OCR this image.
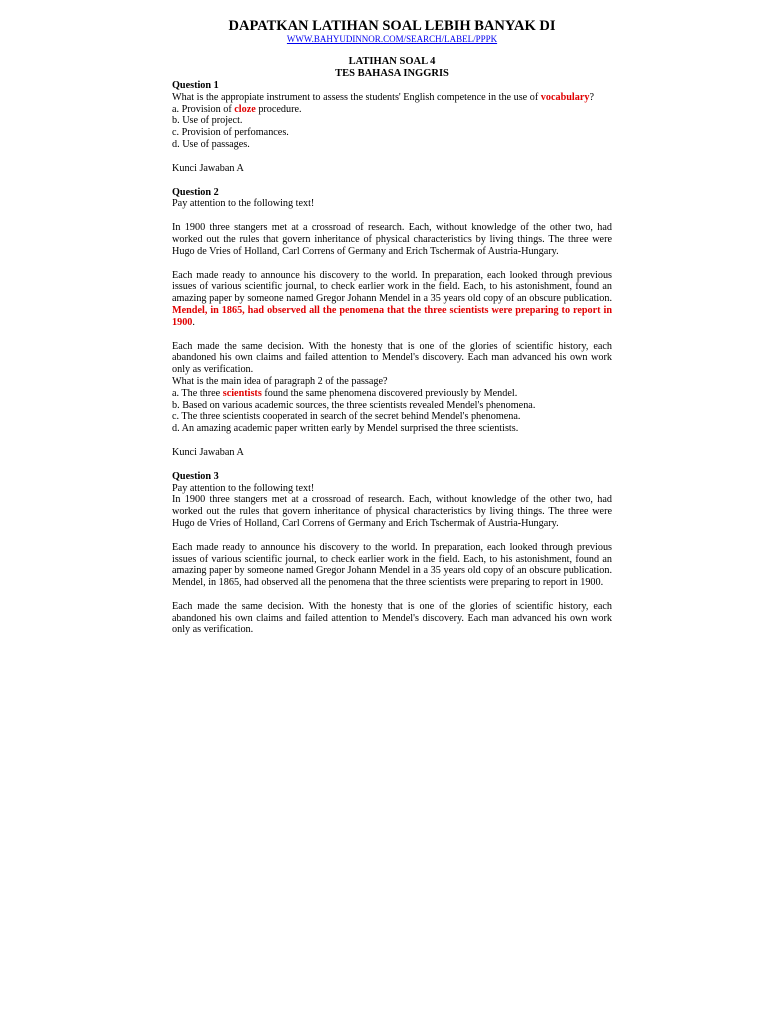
DAPATKAN LATIHAN SOAL LEBIH BANYAK DI
WWW.BAHYUDINNOR.COM/SEARCH/LABEL/PPPK
LATIHAN SOAL 4
TES BAHASA INGGRIS
Question 1

What is the appropiate instrument to assess the students' English competence in the use of vocabulary?

a. Provision of cloze procedure.
b. Use of project.
c. Provision of perfomances.
d. Use of passages.
Kunci Jawaban A
Question 2

Pay attention to the following text!

In 1900 three stangers met at a crossroad of research. Each, without knowledge of the other two, had worked out the rules that govern inheritance of physical characteristics by living things. The three were Hugo de Vries of Holland, Carl Correns of Germany and Erich Tschermak of Austria-Hungary.

Each made ready to announce his discovery to the world. In preparation, each looked through previous issues of various scientific journal, to check earlier work in the field. Each, to his astonishment, found an amazing paper by someone named Gregor Johann Mendel in a 35 years old copy of an obscure publication. Mendel, in 1865, had observed all the penomena that the three scientists were preparing to report in 1900.

Each made the same decision. With the honesty that is one of the glories of scientific history, each abandoned his own claims and failed attention to Mendel's discovery. Each man advanced his own work only as verification.

What is the main idea of paragraph 2 of the passage?
a. The three scientists found the same phenomena discovered previously by Mendel.
b. Based on various academic sources, the three scientists revealed Mendel's phenomena.
c. The three scientists cooperated in search of the secret behind Mendel's phenomena.
d. An amazing academic paper written early by Mendel surprised the three scientists.
Kunci Jawaban A
Question 3

Pay attention to the following text!

In 1900 three stangers met at a crossroad of research. Each, without knowledge of the other two, had worked out the rules that govern inheritance of physical characteristics by living things. The three were Hugo de Vries of Holland, Carl Correns of Germany and Erich Tschermak of Austria-Hungary.

Each made ready to announce his discovery to the world. In preparation, each looked through previous issues of various scientific journal, to check earlier work in the field. Each, to his astonishment, found an amazing paper by someone named Gregor Johann Mendel in a 35 years old copy of an obscure publication. Mendel, in 1865, had observed all the penomena that the three scientists were preparing to report in 1900.

Each made the same decision. With the honesty that is one of the glories of scientific history, each abandoned his own claims and failed attention to Mendel's discovery. Each man advanced his own work only as verification.
